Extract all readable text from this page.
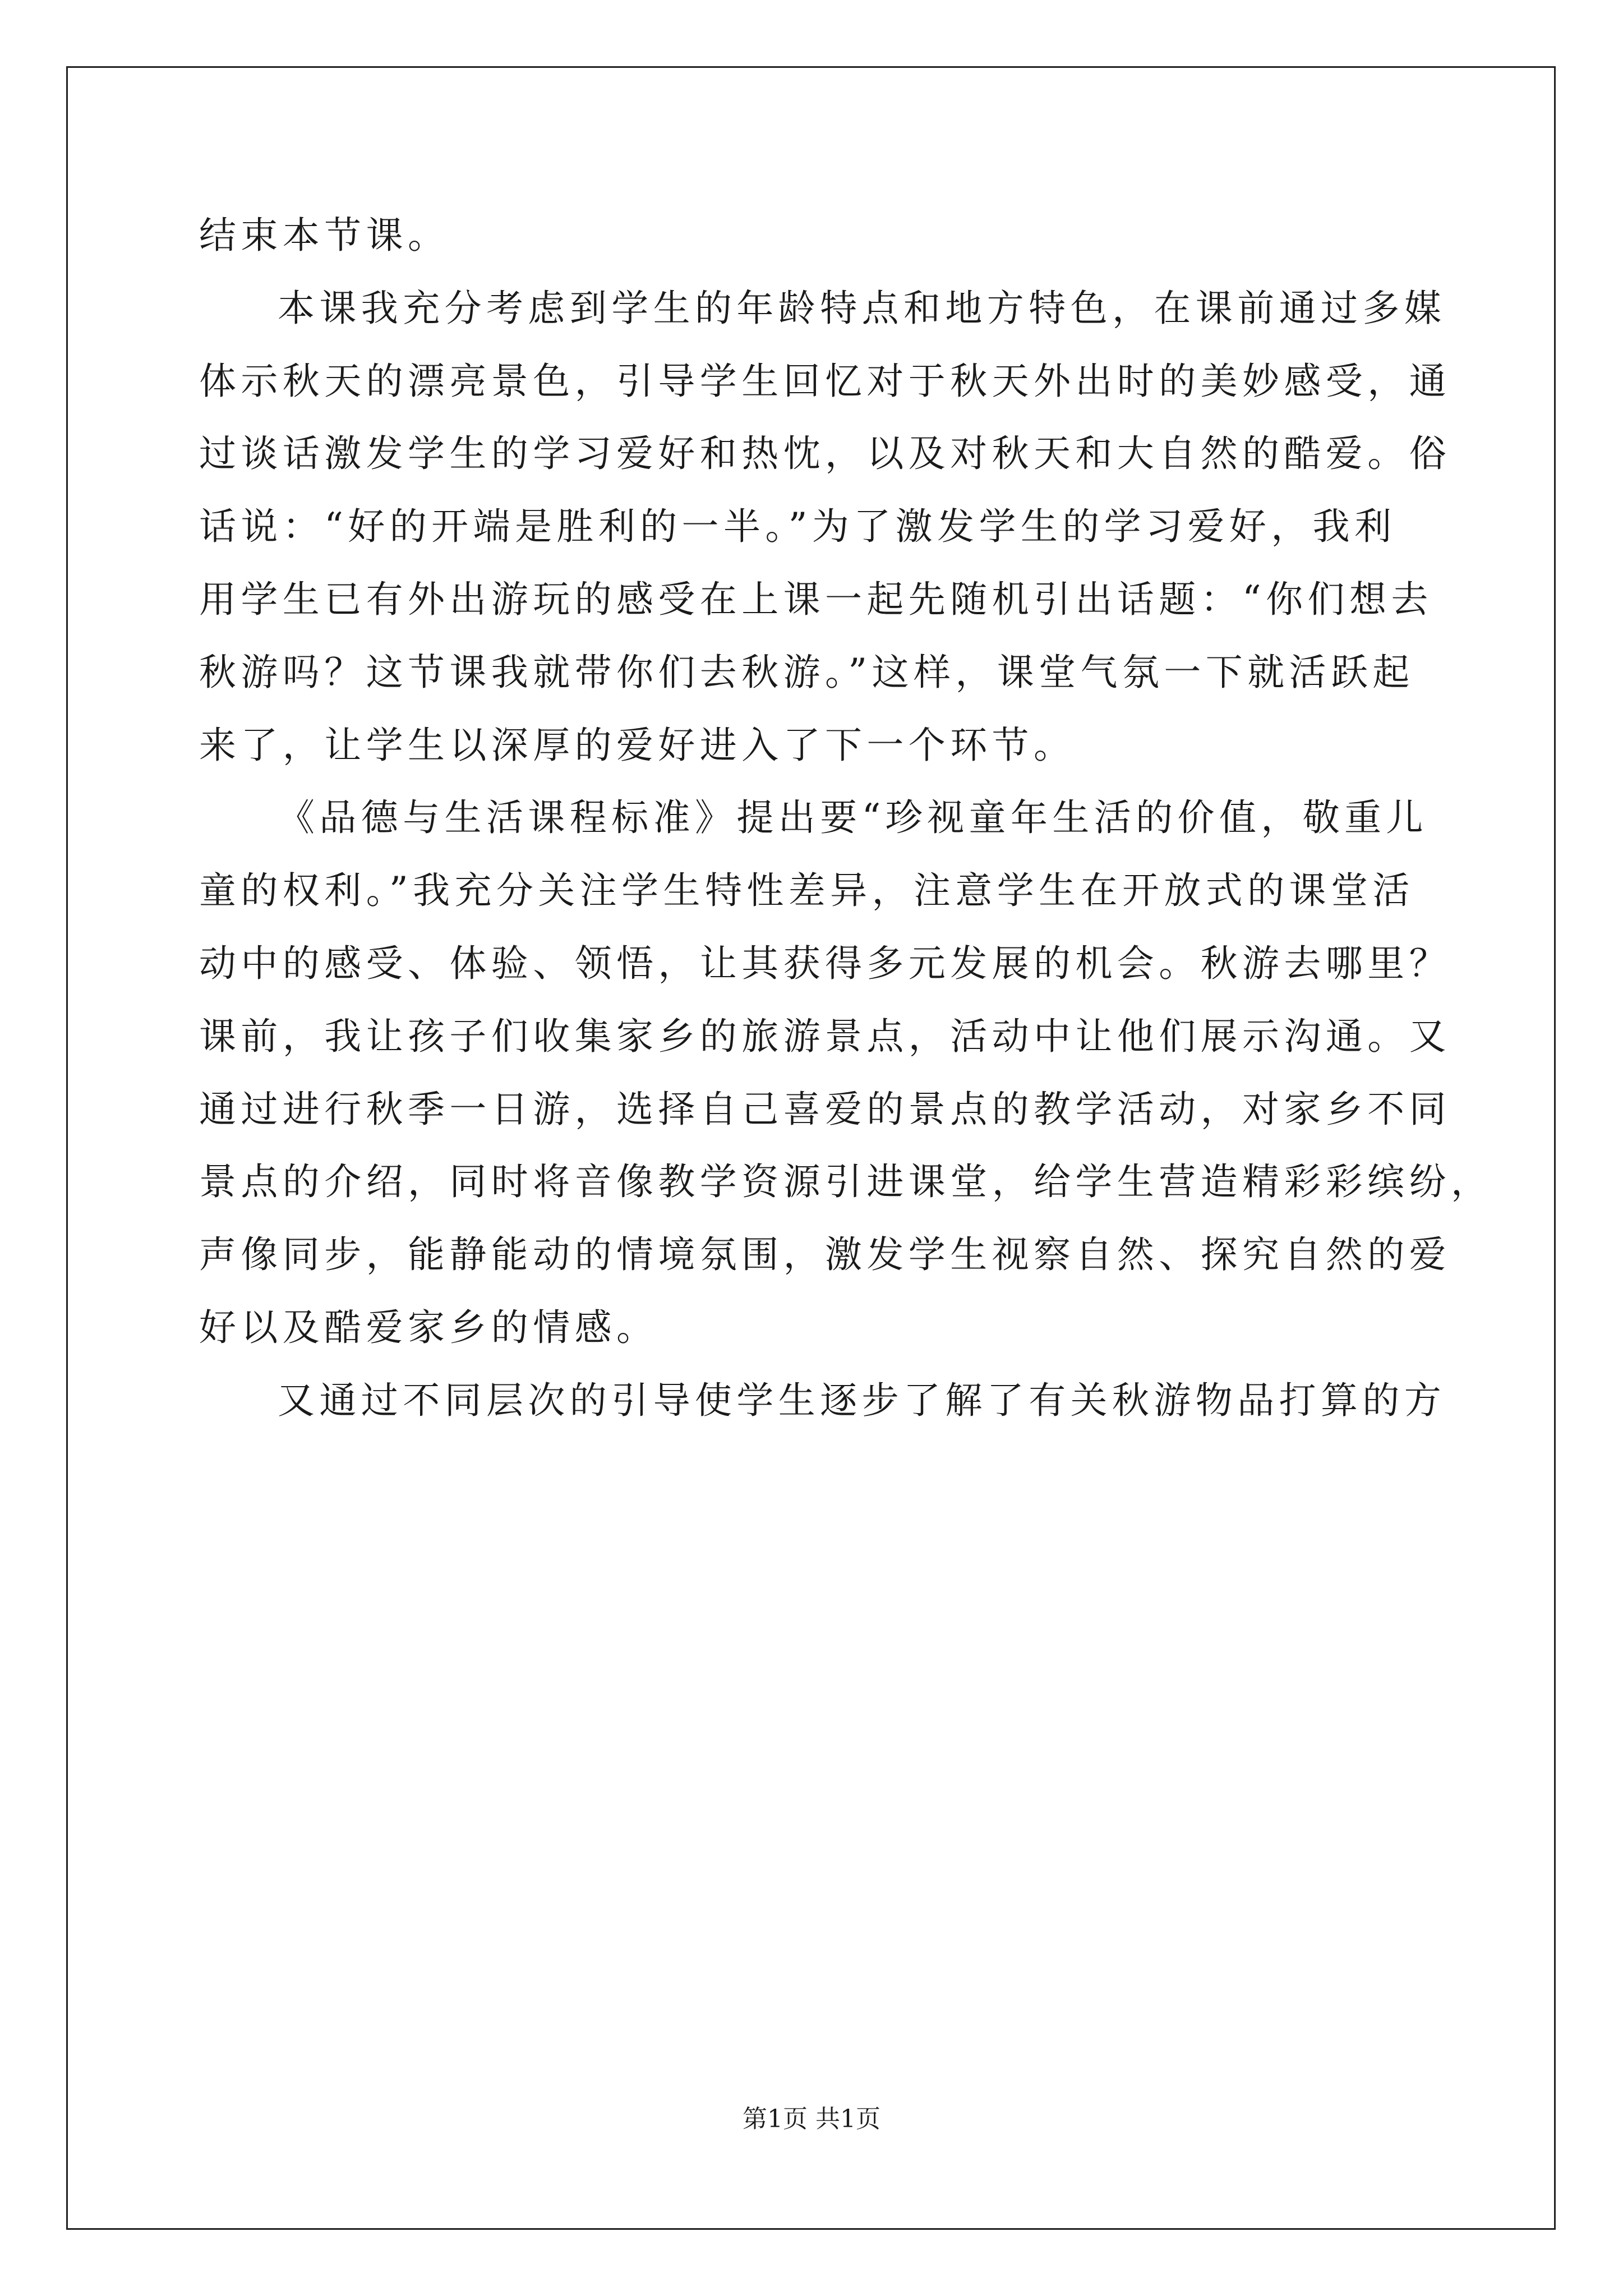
结束本节课。
本课我充分考虑到学生的年龄特点和地方特色，在课前通过多媒
体示秋天的漂亮景色，引导学生回忆对于秋天外出时的美妙感受，通
过谈话激发学生的学习爱好和热忱，以及对秋天和大自然的酷爱。俗
话说：“好的开端是胜利的一半。”为了激发学生的学习爱好，我利
用学生已有外出游玩的感受在上课一起先随机引出话题：“你们想去
秋游吗？这节课我就带你们去秋游。”这样，课堂气氛一下就活跃起
来了，让学生以深厚的爱好进入了下一个环节。
《品德与生活课程标准》提出要“珍视童年生活的价值，敬重儿
童的权利。”我充分关注学生特性差异，注意学生在开放式的课堂活
动中的感受、体验、领悟，让其获得多元发展的机会。秋游去哪里？
课前，我让孩子们收集家乡的旅游景点，活动中让他们展示沟通。又
通过进行秋季一日游，选择自己喜爱的景点的教学活动，对家乡不同
景点的介绍，同时将音像教学资源引进课堂，给学生营造精彩彩缤纷，
声像同步，能静能动的情境氛围，激发学生视察自然、探究自然的爱
好以及酷爱家乡的情感。
又通过不同层次的引导使学生逐步了解了有关秋游物品打算的方
第1页 共1页
